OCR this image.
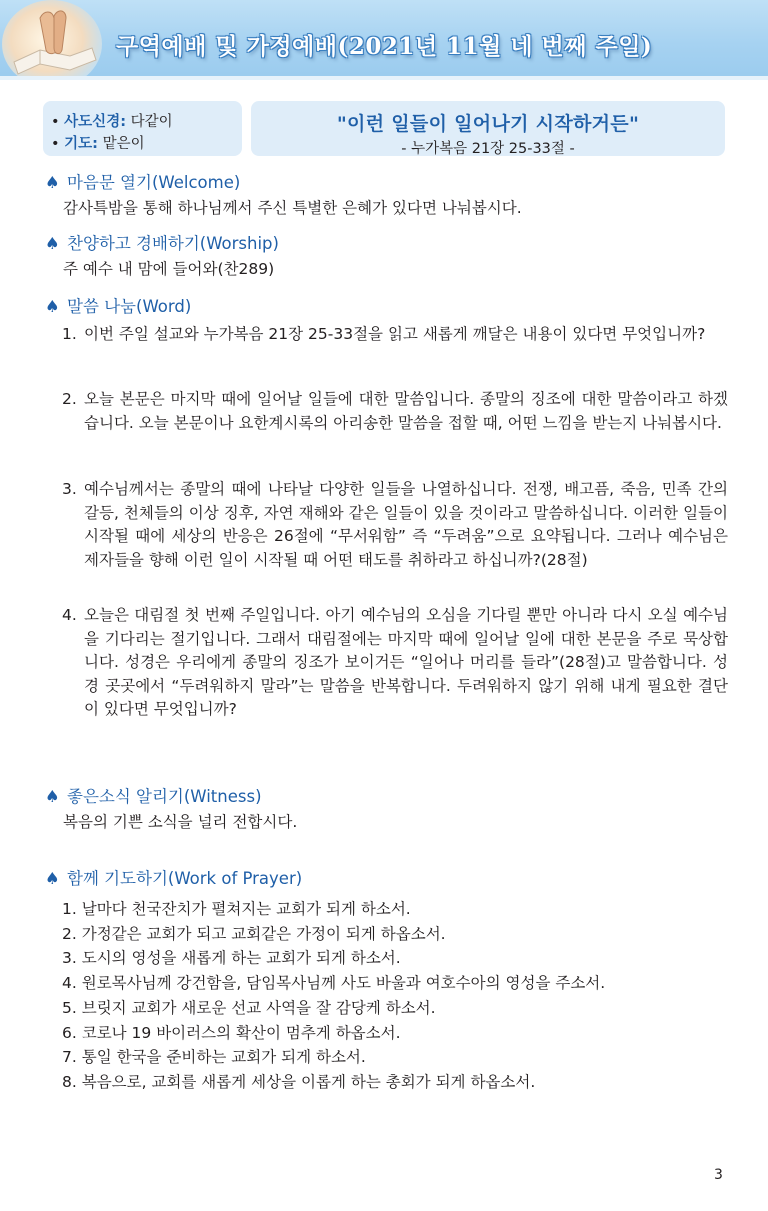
구역예배 및 가정예배(2021년 11월 네 번째 주일)
• 사도신경: 다같이
• 기도: 맡은이
"이런 일들이 일어나기 시작하거든"
- 누가복음 21장 25-33절 -
♠ 마음문 열기(Welcome)
감사특밤을 통해 하나님께서 주신 특별한 은혜가 있다면 나눠봅시다.
♠ 찬양하고 경배하기(Worship)
주 예수 내 맘에 들어와(찬289)
♠ 말씀 나눔(Word)
1. 이번 주일 설교와 누가복음 21장 25-33절을 읽고 새롭게 깨달은 내용이 있다면 무엇입니까?
2. 오늘 본문은 마지막 때에 일어날 일들에 대한 말씀입니다. 종말의 징조에 대한 말씀이라고 하겠습니다. 오늘 본문이나 요한계시록의 아리송한 말씀을 접할 때, 어떤 느낌을 받는지 나눠봅시다.
3. 예수님께서는 종말의 때에 나타날 다양한 일들을 나열하십니다. 전쟁, 배고픔, 죽음, 민족 간의 갈등, 천체들의 이상 징후, 자연 재해와 같은 일들이 있을 것이라고 말씀하십니다. 이러한 일들이 시작될 때에 세상의 반응은 26절에 “무서워함” 즉 “두려움”으로 요약됩니다. 그러나 예수님은 제자들을 향해 이런 일이 시작될 때 어떤 태도를 취하라고 하십니까?(28절)
4. 오늘은 대림절 첫 번째 주일입니다. 아기 예수님의 오심을 기다릴 뿐만 아니라 다시 오실 예수님을 기다리는 절기입니다. 그래서 대림절에는 마지막 때에 일어날 일에 대한 본문을 주로 묵상합니다. 성경은 우리에게 종말의 징조가 보이거든 “일어나 머리를 들라”(28절)고 말씀합니다. 성경 곳곳에서 “두려워하지 말라”는 말씀을 반복합니다. 두려워하지 않기 위해 내게 필요한 결단이 있다면 무엇입니까?
♠ 좋은소식 알리기(Witness)
복음의 기쁜 소식을 널리 전합시다.
♠ 함께 기도하기(Work of Prayer)
1. 날마다 천국잔치가 펼쳐지는 교회가 되게 하소서.
2. 가정같은 교회가 되고 교회같은 가정이 되게 하옵소서.
3. 도시의 영성을 새롭게 하는 교회가 되게 하소서.
4. 원로목사님께 강건함을, 담임목사님께 사도 바울과 여호수아의 영성을 주소서.
5. 브릿지 교회가 새로운 선교 사역을 잘 감당케 하소서.
6. 코로나 19 바이러스의 확산이 멈추게 하옵소서.
7. 통일 한국을 준비하는 교회가 되게 하소서.
8. 복음으로, 교회를 새롭게 세상을 이롭게 하는 총회가 되게 하옵소서.
3
